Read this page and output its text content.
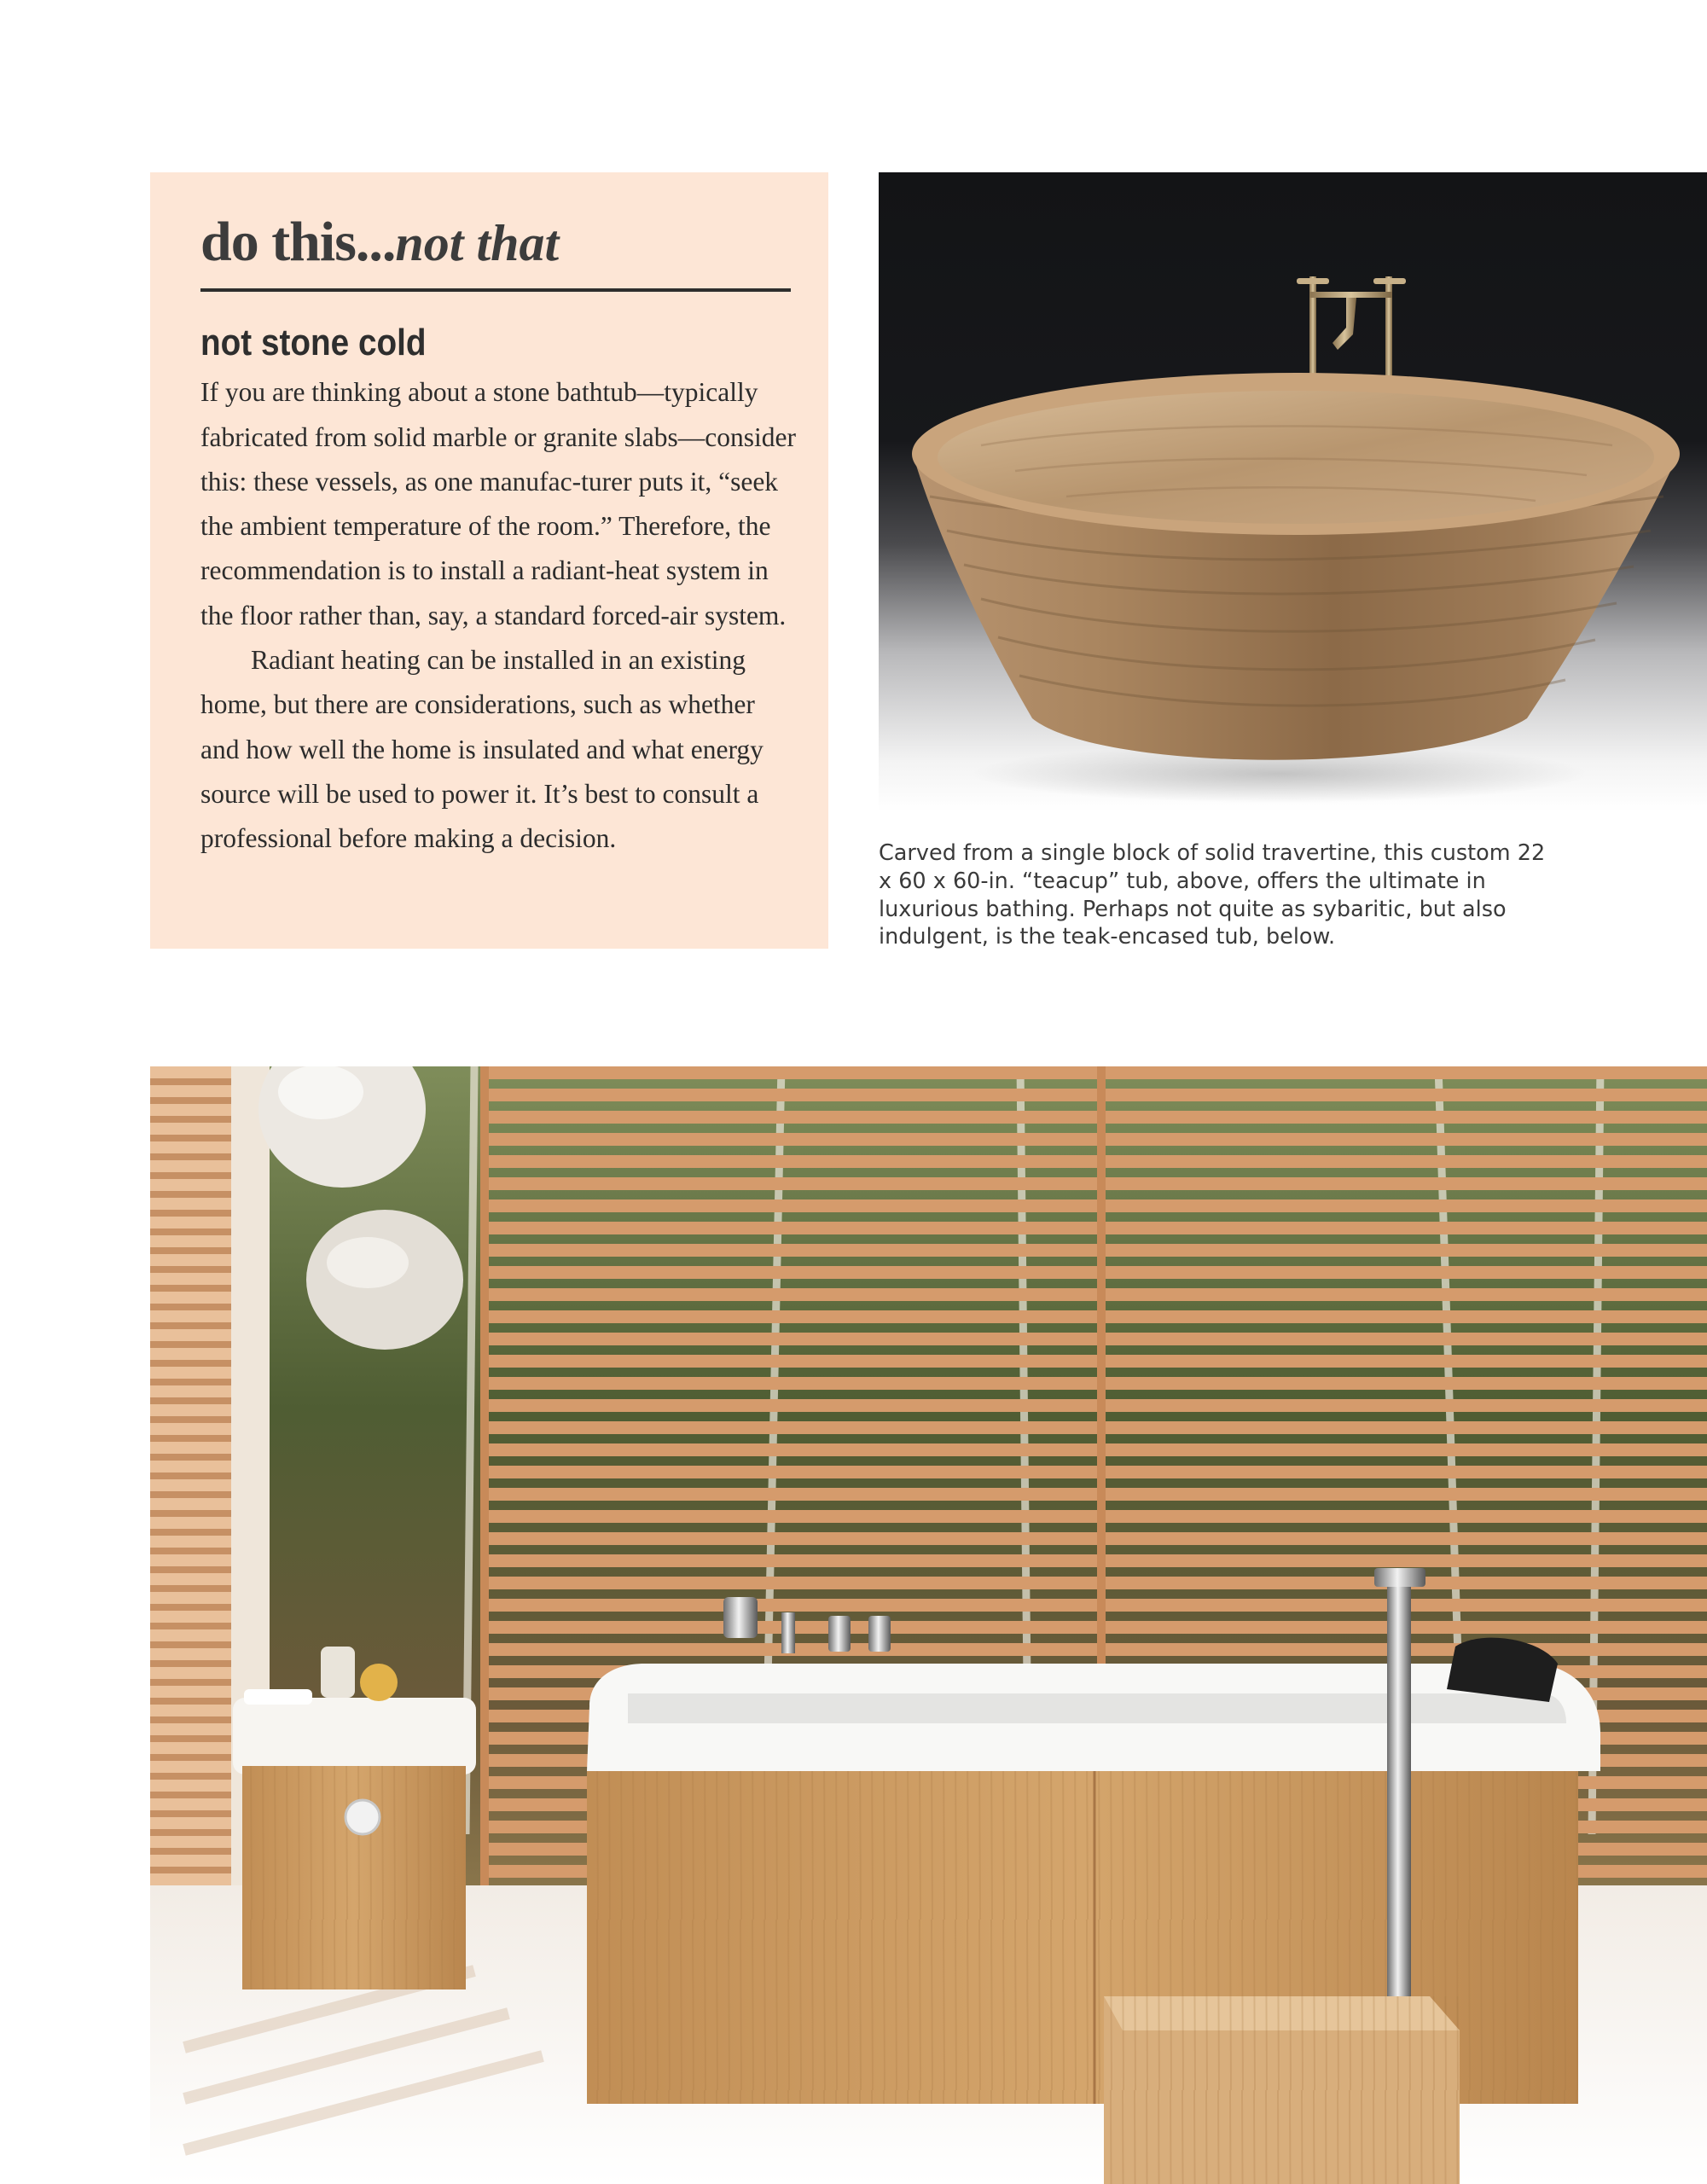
do this...not that
not stone cold

If you are thinking about a stone bathtub—typically fabricated from solid marble or granite slabs—consider this: these vessels, as one manufac-turer puts it, “seek the ambient temperature of the room.” Therefore, the recommendation is to install a radiant-heat system in the floor rather than, say, a standard forced-air system.

Radiant heating can be installed in an existing home, but there are considerations, such as whether and how well the home is insulated and what energy source will be used to power it. It’s best to consult a professional before making a decision.	Carved from a single block of solid travertine, this custom 22 x 60 x 60-in. “teacup” tub, above, offers the ultimate in luxurious bathing. Perhaps not quite as sybaritic, but also indulgent, is the teak-encased tub, below.
